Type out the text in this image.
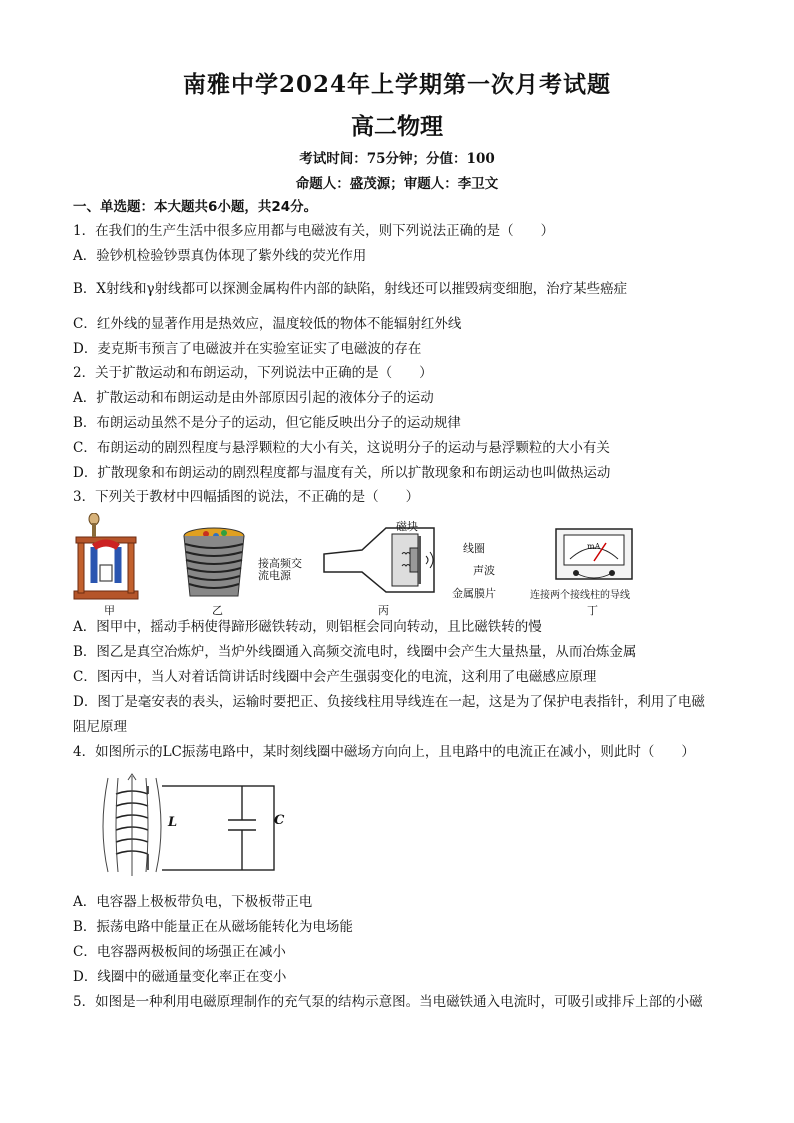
南雅中学2024年上学期第一次月考试题
高二物理
考试时间：75分钟；分值：100
命题人：盛茂源；审题人：李卫文
一、单选题：本大题共6小题，共24分。
1．在我们的生产生活中很多应用都与电磁波有关，则下列说法正确的是（　　）
A．验钞机检验钞票真伪体现了紫外线的荧光作用
B．X射线和γ射线都可以探测金属构件内部的缺陷，射线还可以摧毁病变细胞，治疗某些癌症
C．红外线的显著作用是热效应，温度较低的物体不能辐射红外线
D．麦克斯韦预言了电磁波并在实验室证实了电磁波的存在
2．关于扩散运动和布朗运动，下列说法中正确的是（　　）
A．扩散运动和布朗运动是由外部原因引起的液体分子的运动
B．布朗运动虽然不是分子的运动，但它能反映出分子的运动规律
C．布朗运动的剧烈程度与悬浮颗粒的大小有关，这说明分子的运动与悬浮颗粒的大小有关
D．扩散现象和布朗运动的剧烈程度都与温度有关，所以扩散现象和布朗运动也叫做热运动
3．下列关于教材中四幅插图的说法，不正确的是（　　）
甲
接高频交流电源
乙
磁块
线圈
声波
金属膜片
丙
mA
连接两个接线柱的导线
丁
A．图甲中，摇动手柄使得蹄形磁铁转动，则铝框会同向转动，且比磁铁转的慢
B．图乙是真空冶炼炉，当炉外线圈通入高频交流电时，线圈中会产生大量热量，从而冶炼金属
C．图丙中，当人对着话筒讲话时线圈中会产生强弱变化的电流，这利用了电磁感应原理
D．图丁是毫安表的表头，运输时要把正、负接线柱用导线连在一起，这是为了保护电表指针，利用了电磁
阻尼原理
4．如图所示的LC振荡电路中，某时刻线圈中磁场方向向上，且电路中的电流正在减小，则此时（　　）
L	C
A．电容器上极板带负电，下极板带正电
B．振荡电路中能量正在从磁场能转化为电场能
C．电容器两极板间的场强正在减小
D．线圈中的磁通量变化率正在变小
5．如图是一种利用电磁原理制作的充气泵的结构示意图。当电磁铁通入电流时，可吸引或排斥上部的小磁
